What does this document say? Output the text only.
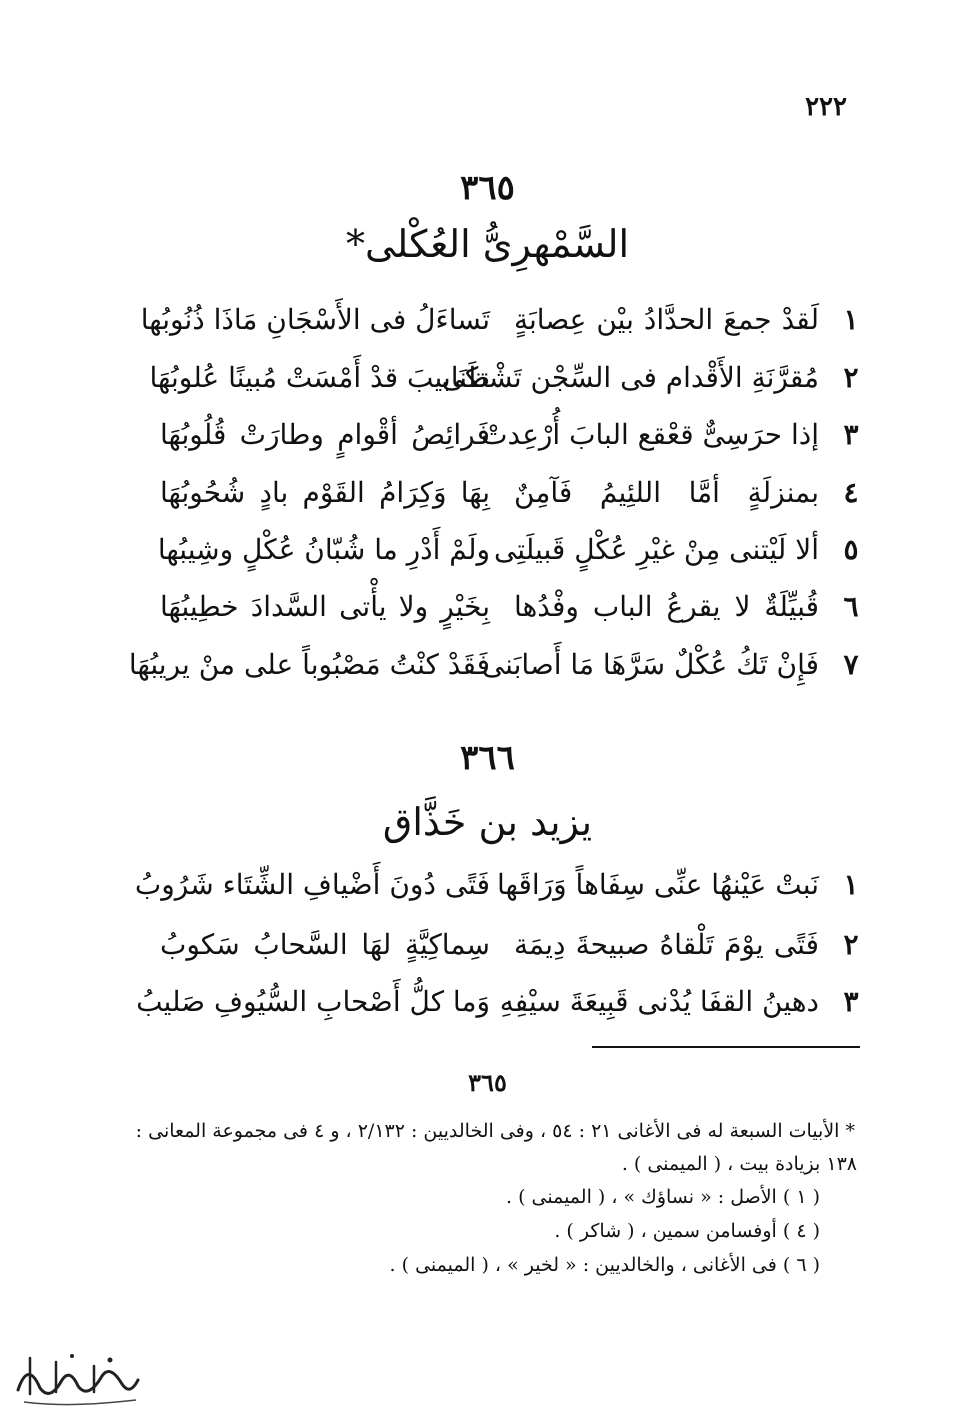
٢٢٢
٣٦٥
السَّمْهرِىُّ العُكْلى*
١
لَقدْ جمعَ الحدَّادُ بيْن عِصابَةٍ
تَساءَلُ فى الأَسْجَانِ مَاذَا ذُنُوبُها
٢
مُقرَّنَةِ الأَقْدام فى السِّجْن تَشْتكى
ظَنَابيبَ قدْ أَمْسَتْ مُبينًا عُلوبُهَا
٣
إذا حرَسِىٌّ قعْقع البابَ أُرْعِدتْ
فَرائِصُ أقْوامٍ وطارَتْ قُلُوبُهَا
٤
بمنزلَةٍ أمَّا اللئِيمُ فَآمِنٌ
بِهَا وَكِرَامُ القَوْم بادٍ شُحُوبُهَا
٥
ألا لَيْتنى مِنْ غيْرِ عُكْلٍ قَبيلَتِى
ولَمْ أَدْرِ ما شُبّانُ عُكْلٍ وشِيبُها
٦
قُبيِّلَةٌ لا يقرعُ الباب وفْدُها
بِخَيْرٍ ولا يأْتى السَّدادَ خطِيبُهَا
٧
فَإِنْ تَكُ عُكْلٌ سَرَّهَا مَا أَصابَنى
فَقَدْ كنْتُ مَصْبُوباً على منْ يريبُهَا
٣٦٦
يزيد بن خَذَّاق
١
نَبتْ عَيْنهُا عنِّى سِفَاهاً وَرَاقَها
فَتًى دُونَ أَضْيافِ الشِّتَاء شَرُوبُ
٢
فَتًى يوْمَ تَلْقاهُ صبيحةَ دِيمَة
سِماكِيَّةٍ لهَا السَّحابُ سَكوبُ
٣
دهينُ القفَا يُدْنى قَبِيعَةَ سيْفِهِ
وَما كلُّ أَصْحابِ السُّيُوفِ صَليبُ
٣٦٥
* الأبيات السبعة له فى الأغانى ٢١ : ٥٤ ، وفى الخالديين : ٢/١٣٢ ، و ٤ فى مجموعة المعانى :
١٣٨ بزيادة بيت ، ( الميمنى ) .
( ١ ) الأصل : « نساؤك » ، ( الميمنى ) .
( ٤ ) أوفسامن سمين ، ( شاكر ) .
( ٦ ) فى الأغانى ، والخالديين : « لخير » ، ( الميمنى ) .
